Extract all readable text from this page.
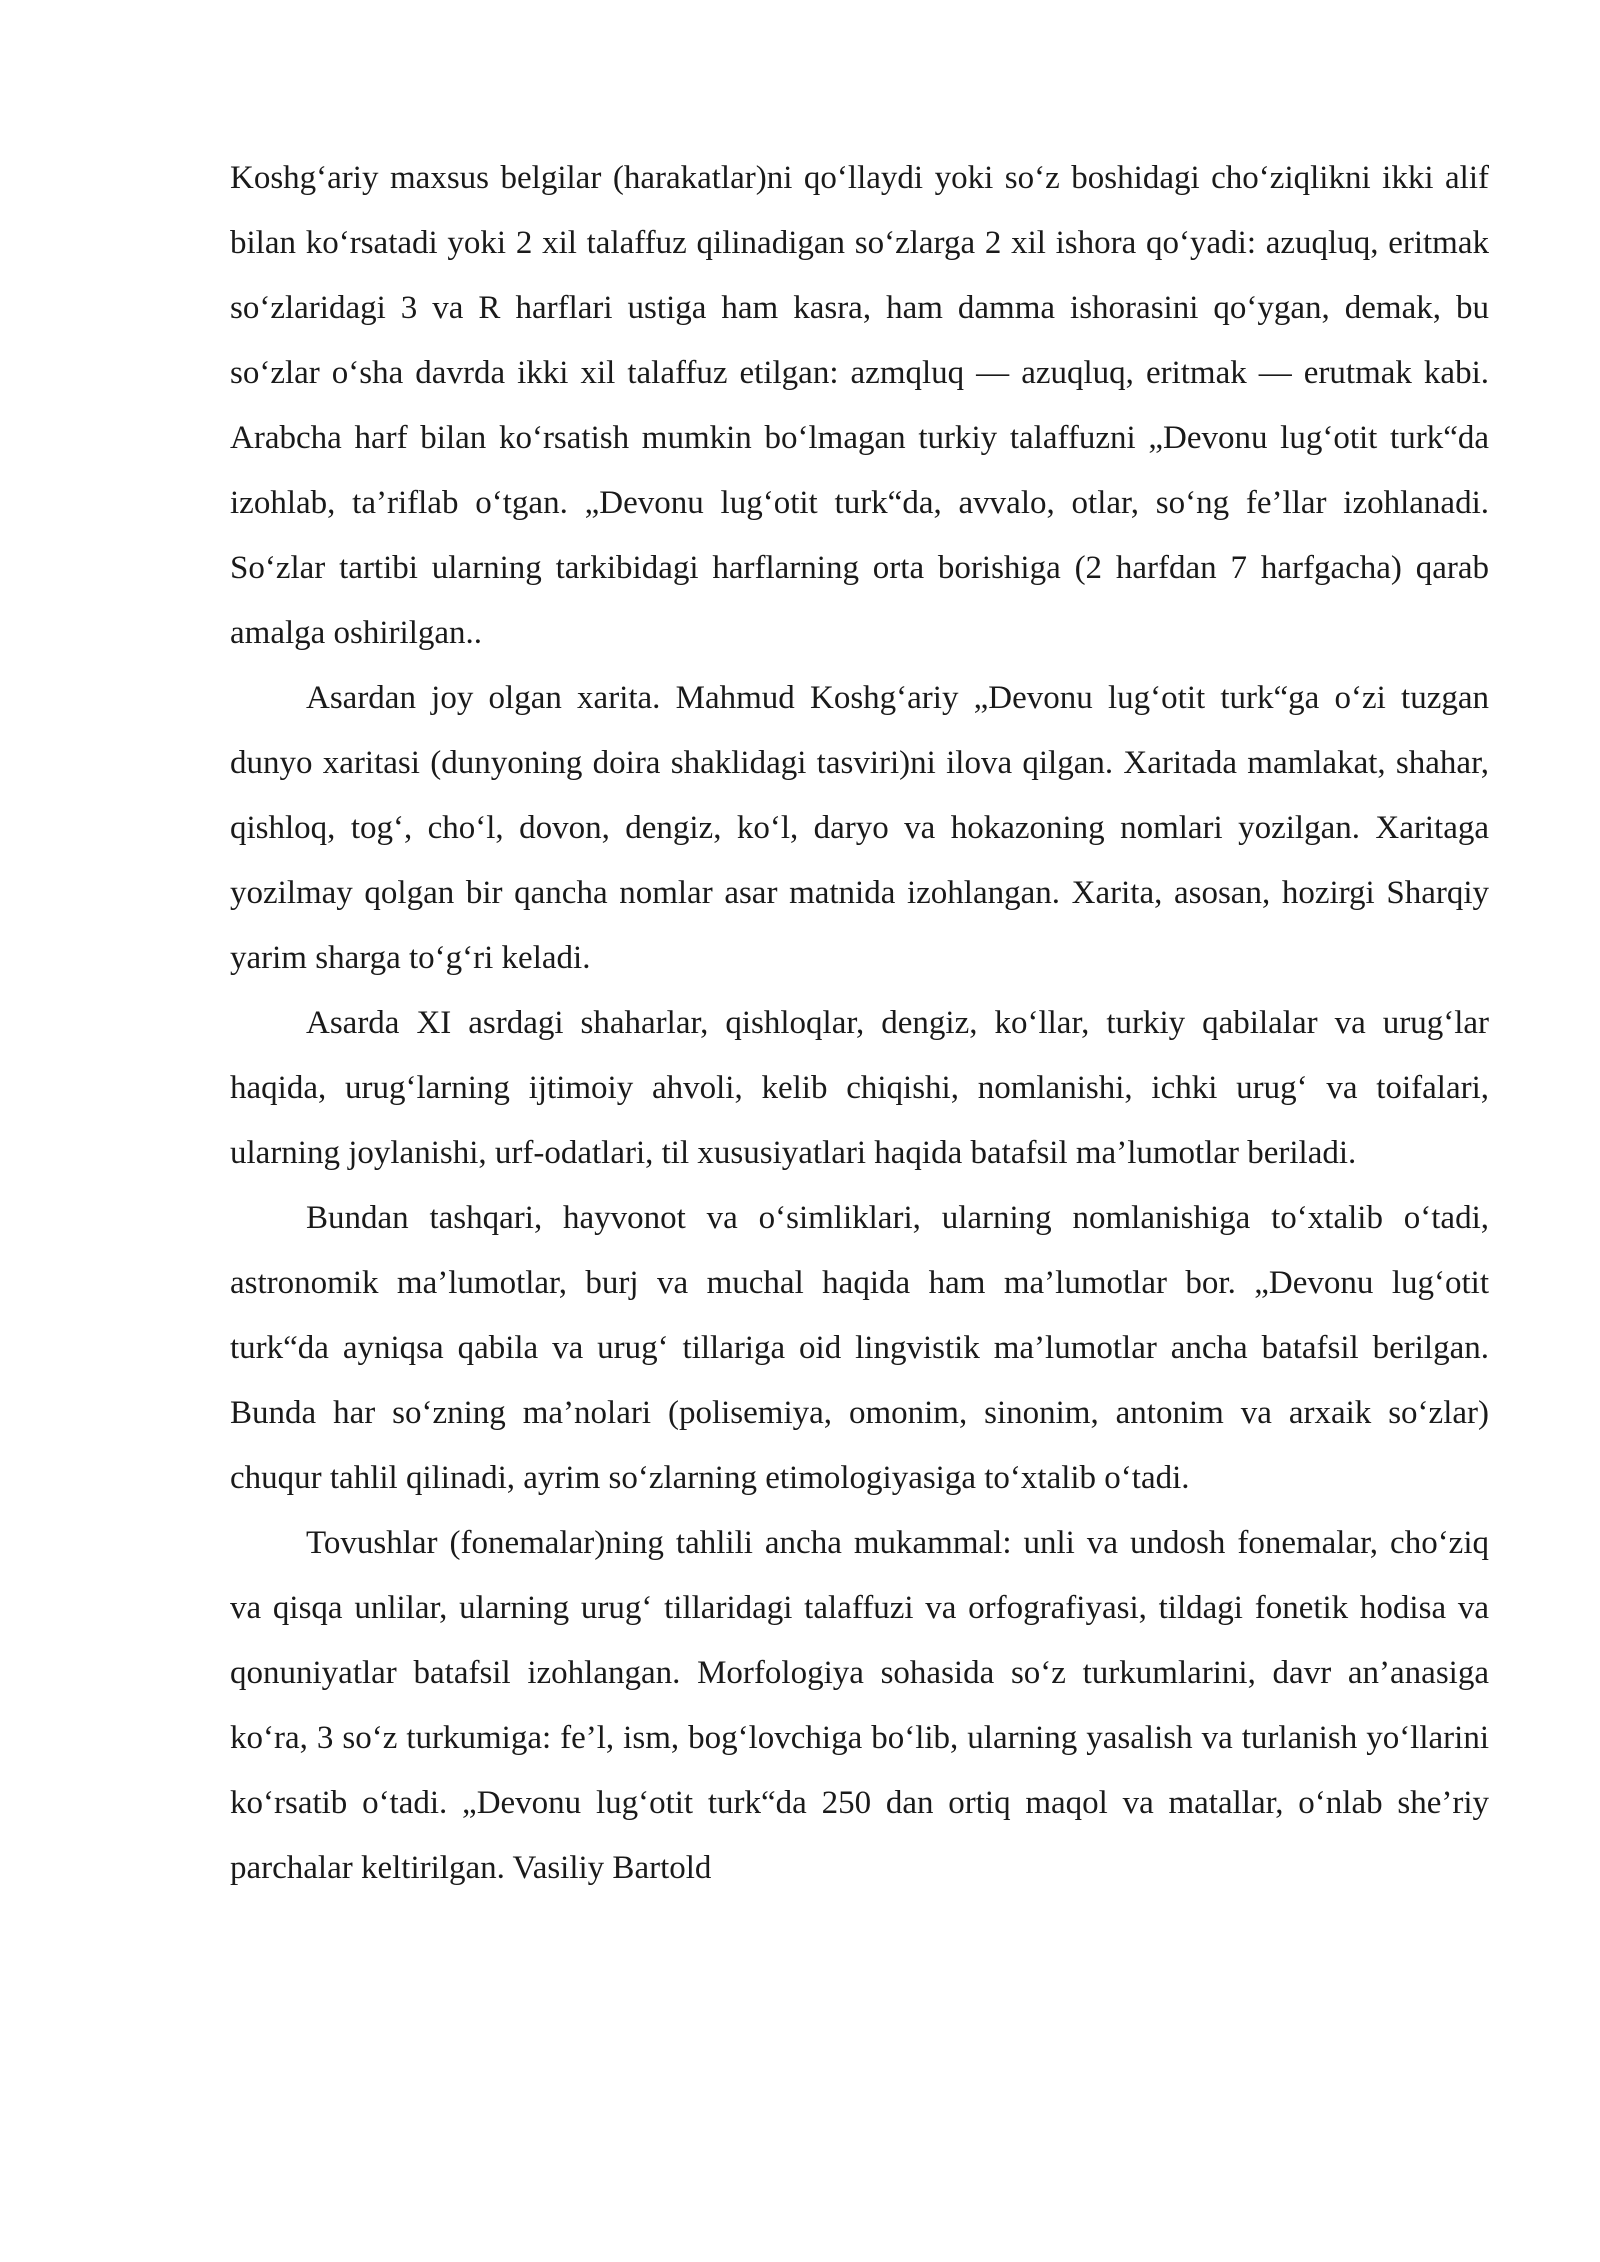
Koshg‘ariy maxsus belgilar (harakatlar)ni qo‘llaydi yoki so‘z boshidagi cho‘ziqlikni ikki alif bilan ko‘rsatadi yoki 2 xil talaffuz qilinadigan so‘zlarga 2 xil ishora qo‘yadi: azuqluq, eritmak so‘zlaridagi 3 va R harflari ustiga ham kasra, ham damma ishorasini qo‘ygan, demak, bu so‘zlar o‘sha davrda ikki xil talaffuz etilgan: azmqluq — azuqluq, eritmak — erutmak kabi. Arabcha harf bilan ko‘rsatish mumkin bo‘lmagan turkiy talaffuzni „Devonu lug‘otit turk“da izohlab, ta’riflab o‘tgan. „Devonu lug‘otit turk“da, avvalo, otlar, so‘ng fe’llar izohlanadi. So‘zlar tartibi ularning tarkibidagi harflarning orta borishiga (2 harfdan 7 harfgacha) qarab amalga oshirilgan..

Asardan joy olgan xarita. Mahmud Koshg‘ariy „Devonu lug‘otit turk“ga o‘zi tuzgan dunyo xaritasi (dunyoning doira shaklidagi tasviri)ni ilova qilgan. Xaritada mamlakat, shahar, qishloq, tog‘, cho‘l, dovon, dengiz, ko‘l, daryo va hokazoning nomlari yozilgan. Xaritaga yozilmay qolgan bir qancha nomlar asar matnida izohlangan. Xarita, asosan, hozirgi Sharqiy yarim sharga to‘g‘ri keladi.

Asarda XI asrdagi shaharlar, qishloqlar, dengiz, ko‘llar, turkiy qabilalar va urug‘lar haqida, urug‘larning ijtimoiy ahvoli, kelib chiqishi, nomlanishi, ichki urug‘ va toifalari, ularning joylanishi, urf-odatlari, til xususiyatlari haqida batafsil ma’lumotlar beriladi.

Bundan tashqari, hayvonot va o‘simliklari, ularning nomlanishiga to‘xtalib o‘tadi, astronomik ma’lumotlar, burj va muchal haqida ham ma’lumotlar bor. „Devonu lug‘otit turk“da ayniqsa qabila va urug‘ tillariga oid lingvistik ma’lumotlar ancha batafsil berilgan. Bunda har so‘zning ma’nolari (polisemiya, omonim, sinonim, antonim va arxaik so‘zlar) chuqur tahlil qilinadi, ayrim so‘zlarning etimologiyasiga to‘xtalib o‘tadi.

Tovushlar (fonemalar)ning tahlili ancha mukammal: unli va undosh fonemalar, cho‘ziq va qisqa unlilar, ularning urug‘ tillaridagi talaffuzi va orfografiyasi, tildagi fonetik hodisa va qonuniyatlar batafsil izohlangan. Morfologiya sohasida so‘z turkumlarini, davr an’anasiga ko‘ra, 3 so‘z turkumiga: fe’l, ism, bog‘lovchiga bo‘lib, ularning yasalish va turlanish yo‘llarini ko‘rsatib o‘tadi. „Devonu lug‘otit turk“da 250 dan ortiq maqol va matallar, o‘nlab she’riy parchalar keltirilgan. Vasiliy Bartold
